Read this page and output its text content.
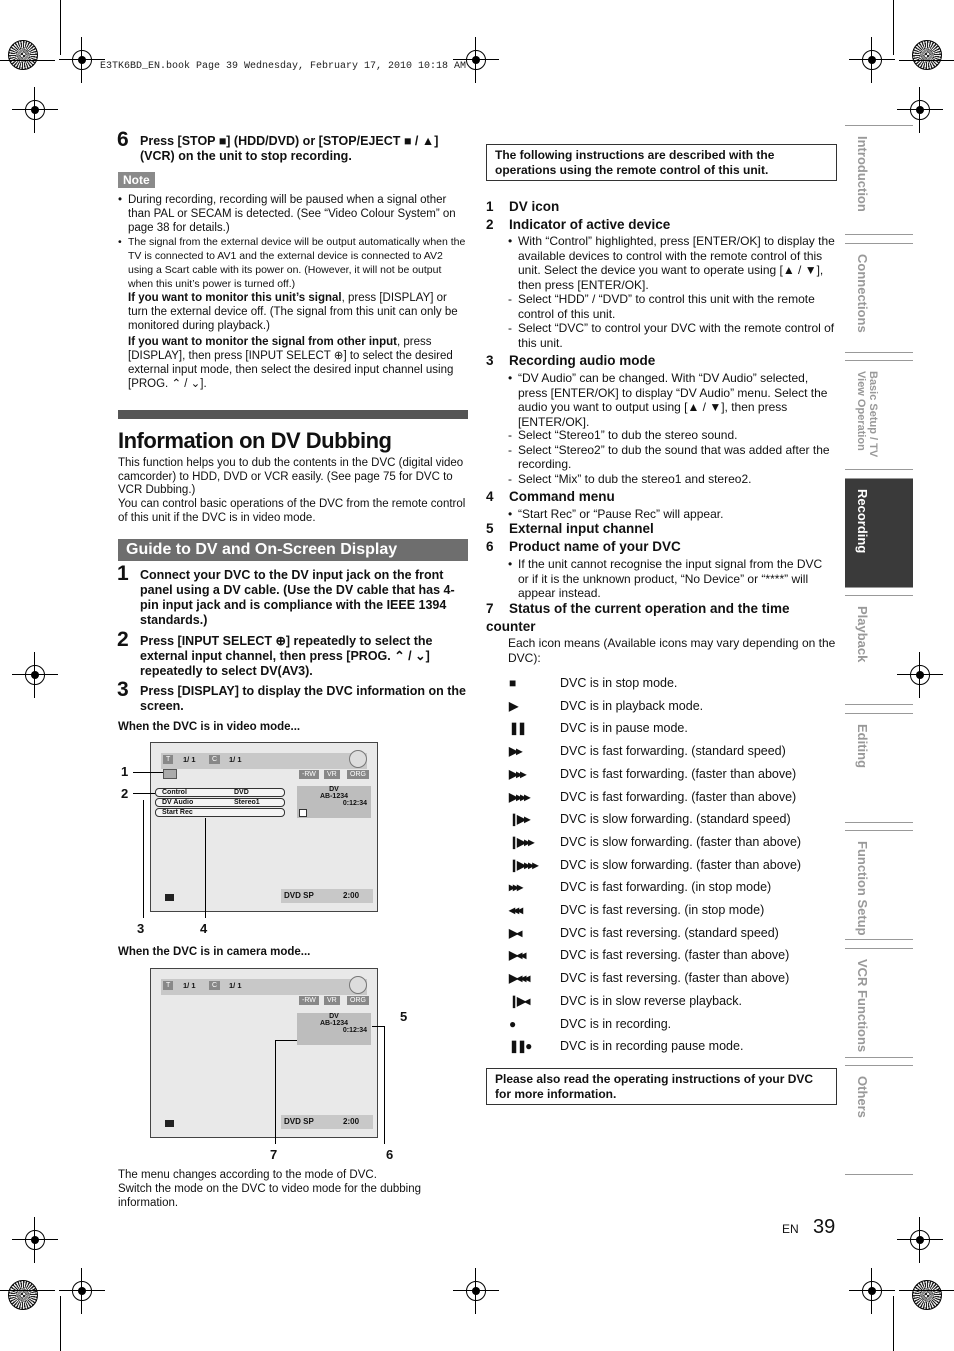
E3TK6BD_EN.book Page 39 Wednesday, February 17, 2010 10:18 AM
6 Press [STOP ■] (HDD/DVD) or [STOP/EJECT ■ / ▲] (VCR) on the unit to stop recording.
Note
• During recording, recording will be paused when a signal other than PAL or SECAM is detected. (See “Video Colour System” on page 38 for details.)
• The signal from the external device will be output automatically when the TV is connected to AV1 and the external device is connected to AV2 using a Scart cable with its power on. (However, it will not be output when this unit’s power is turned off.)
If you want to monitor this unit’s signal, press [DISPLAY] or turn the external device off. (The signal from this unit can only be monitored during playback.)
If you want to monitor the signal from other input, press [DISPLAY], then press [INPUT SELECT ⊕] to select the desired external input mode, then select the desired input channel using [PROG. ⌃ / ⌄].
Information on DV Dubbing
This function helps you to dub the contents in the DVC (digital video camcorder) to HDD, DVD or VCR easily. (See page 75 for DVC to VCR Dubbing.)
You can control basic operations of the DVC from the remote control of this unit if the DVC is in video mode.
Guide to DV and On-Screen Display
1 Connect your DVC to the DV input jack on the front panel using a DV cable. (Use the DV cable that has 4-pin input jack and is compliance with the IEEE 1394 standards.)
2 Press [INPUT SELECT ⊕] repeatedly to select the external input channel, then press [PROG. ⌃ / ⌄] repeatedly to select DV(AV3).
3 Press [DISPLAY] to display the DVC information on the screen.
When the DVC is in video mode...
T	1/ 1	C	1/ 1
-RW	VR	ORG
Control	DVD
DV Audio	Stereo1
Start Rec
DV
AB-1234
0:12:34
DVD SP	2:00
1
2
3	4
When the DVC is in camera mode...
T	1/ 1	C	1/ 1
-RW	VR	ORG
DV
AB-1234
0:12:34
DVD SP	2:00
5
7	6
The menu changes according to the mode of DVC.
Switch the mode on the DVC to video mode for the dubbing information.
The following instructions are described with the operations using the remote control of this unit.
1 DV icon
2 Indicator of active device
• With “Control” highlighted, press [ENTER/OK] to display the available devices to control with the remote control of this unit. Select the device you want to operate using [▲ / ▼], then press [ENTER/OK].
- Select “HDD” / “DVD” to control this unit with the remote control of this unit.
- Select “DVC” to control your DVC with the remote control of this unit.
3 Recording audio mode
• “DV Audio” can be changed. With “DV Audio” selected, press [ENTER/OK] to display “DV Audio” menu. Select the audio you want to output using [▲ / ▼], then press [ENTER/OK].
- Select “Stereo1” to dub the stereo sound.
- Select “Stereo2” to dub the sound that was added after the recording.
- Select “Mix” to dub the stereo1 and stereo2.
4 Command menu
• “Start Rec” or “Pause Rec” will appear.
5 External input channel
6 Product name of your DVC
• If the unit cannot recognise the input signal from the DVC or if it is the unknown product, “No Device” or “****” will appear instead.
7 Status of the current operation and the time counter
Each icon means (Available icons may vary depending on the DVC):
■	DVC is in stop mode.
▶	DVC is in playback mode.
❚❚	DVC is in pause mode.
▶▸	DVC is fast forwarding. (standard speed)
▶▸▸	DVC is fast forwarding. (faster than above)
▶▸▸▸	DVC is fast forwarding. (faster than above)
❙▶▸	DVC is slow forwarding. (standard speed)
❙▶▸▸	DVC is slow forwarding. (faster than above)
❙▶▸▸▸	DVC is slow forwarding. (faster than above)
▸▸▸	DVC is fast forwarding. (in stop mode)
◂◂◂	DVC is fast reversing. (in stop mode)
▶◂	DVC is fast reversing. (standard speed)
▶◂◂	DVC is fast reversing. (faster than above)
▶◂◂◂	DVC is fast reversing. (faster than above)
❙▶◂	DVC is in slow reverse playback.
●	DVC is in recording.
❚❚●	DVC is in recording pause mode.
Please also read the operating instructions of your DVC for more information.
Introduction
Connections
Basic Setup / TV View Operation
Recording
Playback
Editing
Function Setup
VCR Functions
Others
EN 39
